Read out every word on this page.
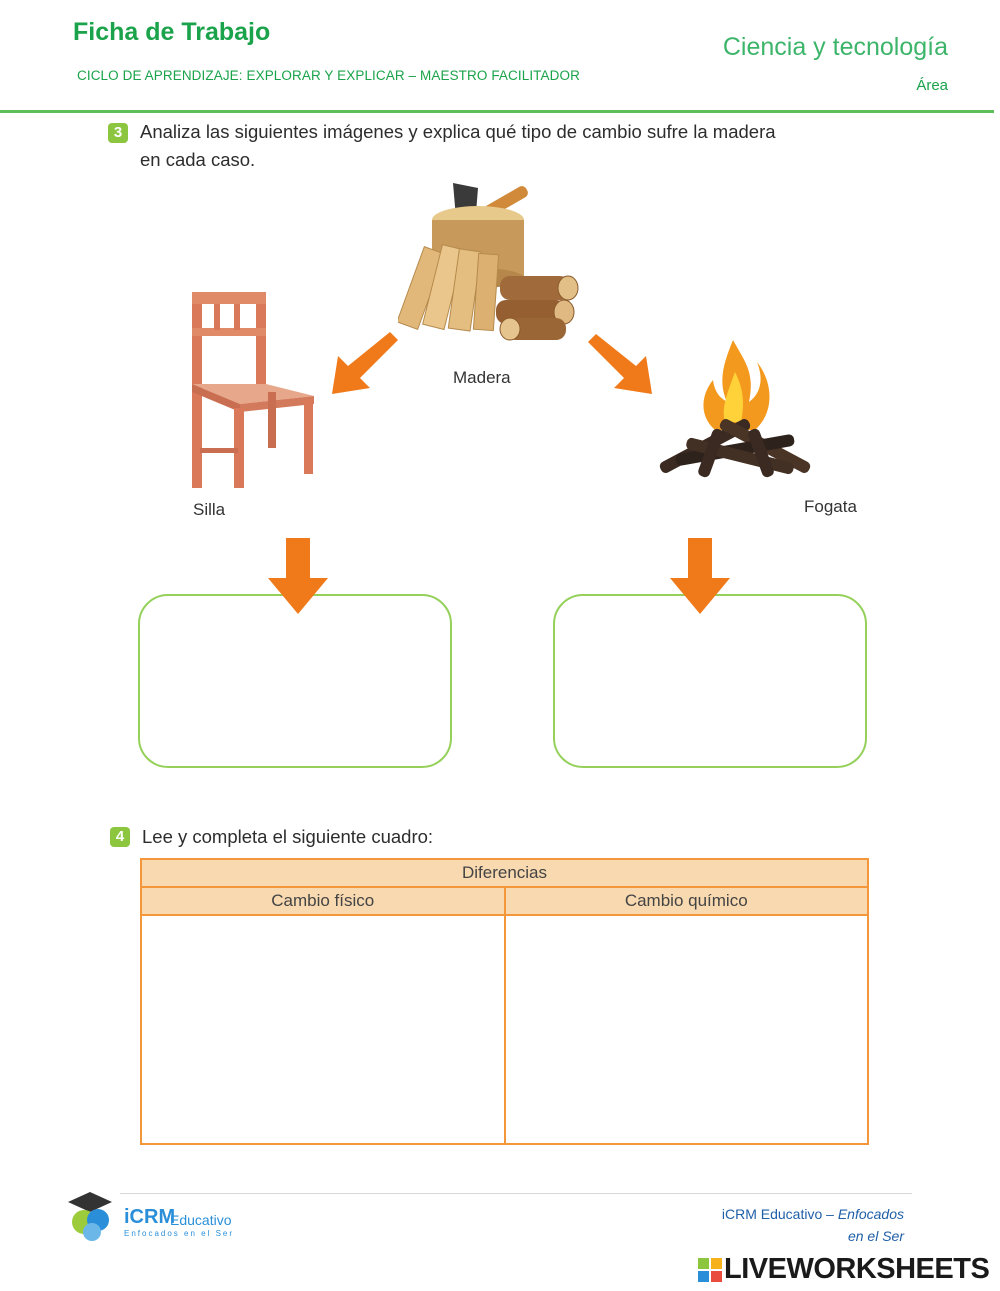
Ficha de Trabajo
CICLO DE APRENDIZAJE: EXPLORAR Y EXPLICAR – MAESTRO FACILITADOR
Ciencia y tecnología
Área
3 Analiza las siguientes imágenes y explica qué tipo de cambio sufre la madera
en cada caso.
Madera
Silla	Fogata
4 Lee y completa el siguiente cuadro:
Diferencias	
Cambio físico	Cambio químico

iCRM
Educativo
Enfocados en el Ser
iCRM Educativo – Enfocados
en el Ser
LIVEWORKSHEETS
